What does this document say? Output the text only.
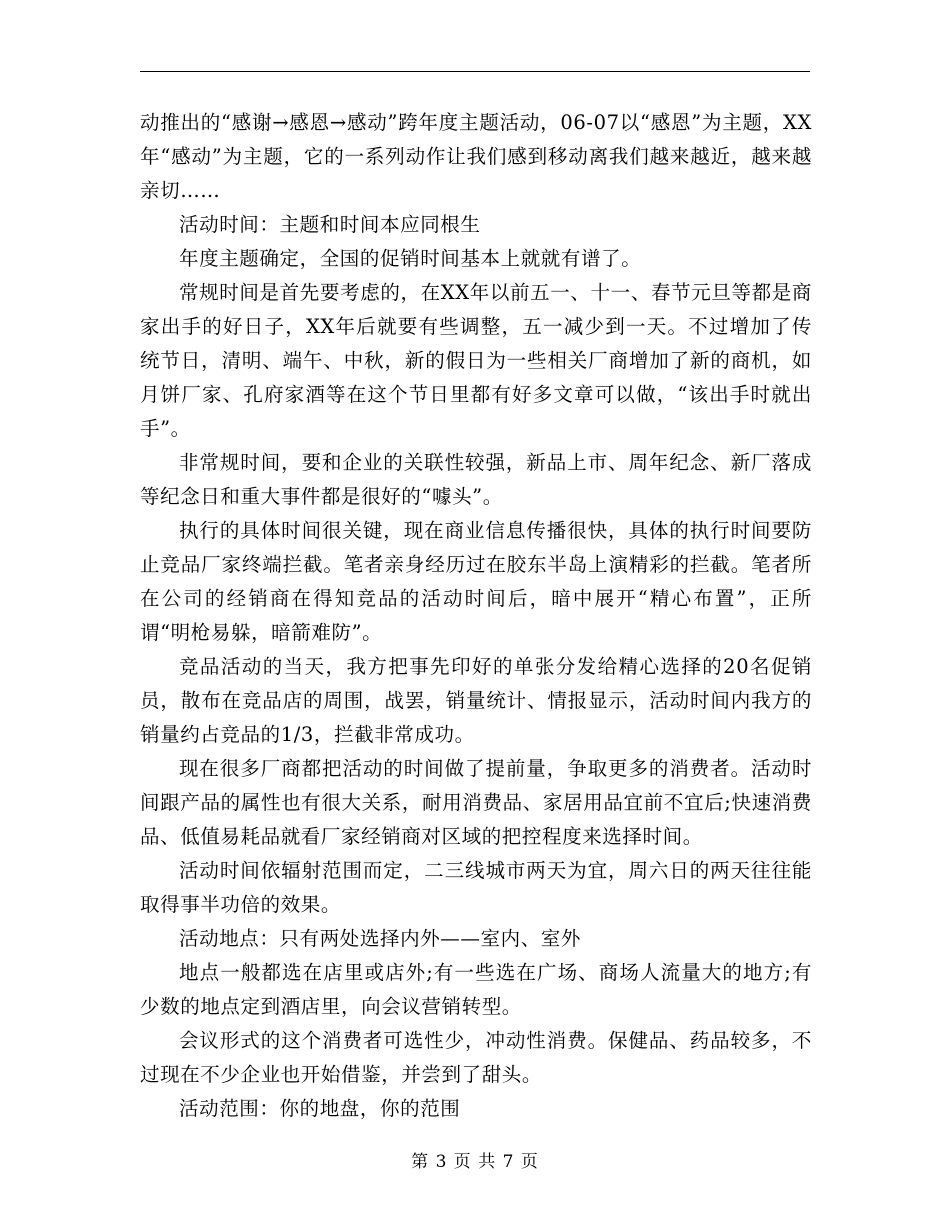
动推出的“感谢→感恩→感动”跨年度主题活动，06-07以“感恩”为主题，XX年“感动”为主题，它的一系列动作让我们感到移动离我们越来越近，越来越亲切……

活动时间：主题和时间本应同根生

年度主题确定，全国的促销时间基本上就就有谱了。

常规时间是首先要考虑的，在XX年以前五一、十一、春节元旦等都是商家出手的好日子，XX年后就要有些调整，五一减少到一天。不过增加了传统节日，清明、端午、中秋，新的假日为一些相关厂商增加了新的商机，如月饼厂家、孔府家酒等在这个节日里都有好多文章可以做，“该出手时就出手”。

非常规时间，要和企业的关联性较强，新品上市、周年纪念、新厂落成等纪念日和重大事件都是很好的“噱头”。

执行的具体时间很关键，现在商业信息传播很快，具体的执行时间要防止竞品厂家终端拦截。笔者亲身经历过在胶东半岛上演精彩的拦截。笔者所在公司的经销商在得知竞品的活动时间后，暗中展开“精心布置”，正所谓“明枪易躲，暗箭难防”。

竞品活动的当天，我方把事先印好的单张分发给精心选择的20名促销员，散布在竞品店的周围，战罢，销量统计、情报显示，活动时间内我方的销量约占竞品的1/3，拦截非常成功。

现在很多厂商都把活动的时间做了提前量，争取更多的消费者。活动时间跟产品的属性也有很大关系，耐用消费品、家居用品宜前不宜后;快速消费品、低值易耗品就看厂家经销商对区域的把控程度来选择时间。

活动时间依辐射范围而定，二三线城市两天为宜，周六日的两天往往能取得事半功倍的效果。

活动地点：只有两处选择内外——室内、室外

地点一般都选在店里或店外;有一些选在广场、商场人流量大的地方;有少数的地点定到酒店里，向会议营销转型。

会议形式的这个消费者可选性少，冲动性消费。保健品、药品较多，不过现在不少企业也开始借鉴，并尝到了甜头。

活动范围：你的地盘，你的范围

第 3 页 共 7 页
